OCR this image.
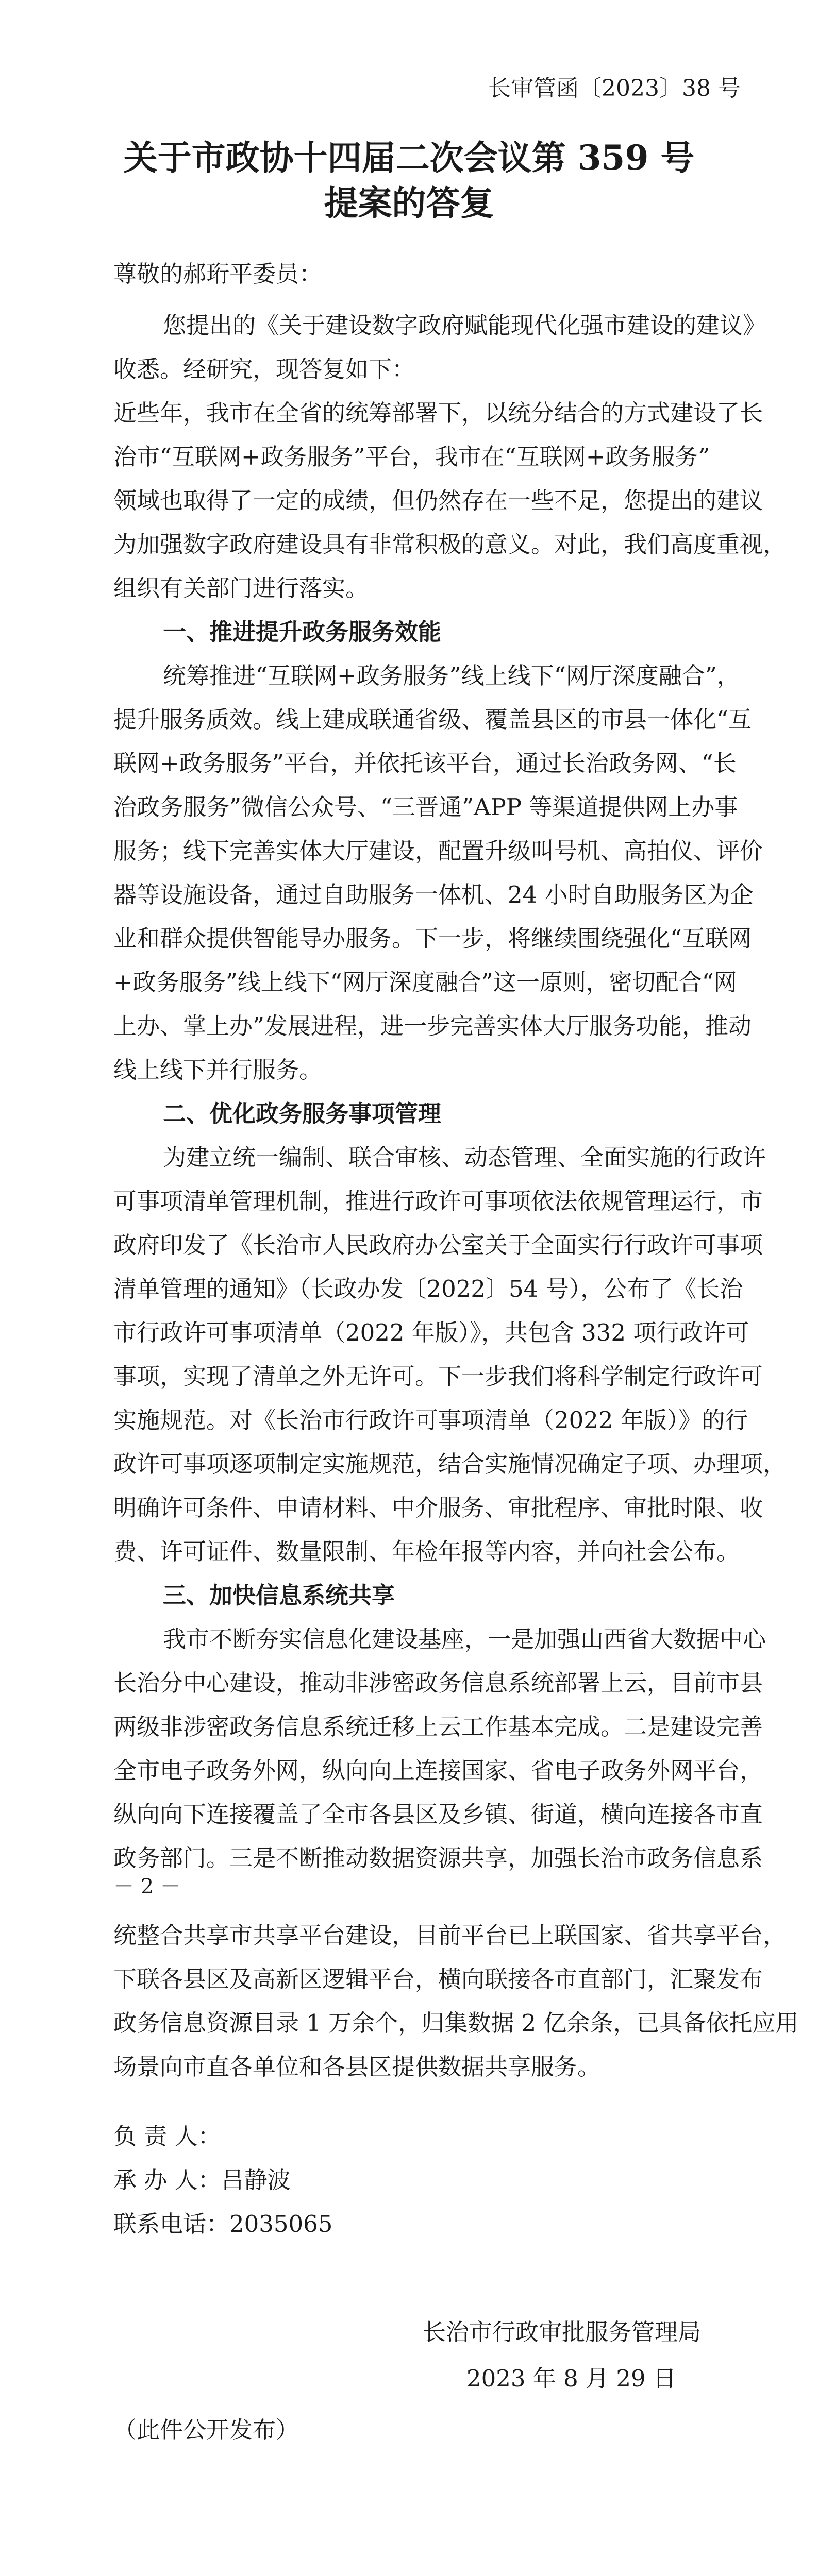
长审管函〔2023〕38 号
关于市政协十四届二次会议第 359 号
提案的答复
尊敬的郝珩平委员：
您提出的《关于建设数字政府赋能现代化强市建设的建议》
收悉。经研究，现答复如下：
近些年，我市在全省的统筹部署下，以统分结合的方式建设了长
治市“互联网+政务服务”平台，我市在“互联网+政务服务”
领域也取得了一定的成绩，但仍然存在一些不足，您提出的建议
为加强数字政府建设具有非常积极的意义。对此，我们高度重视，
组织有关部门进行落实。
一、推进提升政务服务效能
统筹推进“互联网+政务服务”线上线下“网厅深度融合”，
提升服务质效。线上建成联通省级、覆盖县区的市县一体化“互
联网+政务服务”平台，并依托该平台，通过长治政务网、“长
治政务服务”微信公众号、“三晋通”APP 等渠道提供网上办事
服务；线下完善实体大厅建设，配置升级叫号机、高拍仪、评价
器等设施设备，通过自助服务一体机、24 小时自助服务区为企
业和群众提供智能导办服务。下一步，将继续围绕强化“互联网
+政务服务”线上线下“网厅深度融合”这一原则，密切配合“网
上办、掌上办”发展进程，进一步完善实体大厅服务功能，推动
线上线下并行服务。
二、优化政务服务事项管理
为建立统一编制、联合审核、动态管理、全面实施的行政许
可事项清单管理机制，推进行政许可事项依法依规管理运行，市
政府印发了《长治市人民政府办公室关于全面实行行政许可事项
清单管理的通知》（长政办发〔2022〕54 号），公布了《长治
市行政许可事项清单（2022 年版）》，共包含 332 项行政许可
事项，实现了清单之外无许可。下一步我们将科学制定行政许可
实施规范。对《长治市行政许可事项清单（2022 年版）》的行
政许可事项逐项制定实施规范，结合实施情况确定子项、办理项，
明确许可条件、申请材料、中介服务、审批程序、审批时限、收
费、许可证件、数量限制、年检年报等内容，并向社会公布。
三、加快信息系统共享
我市不断夯实信息化建设基座，一是加强山西省大数据中心
长治分中心建设，推动非涉密政务信息系统部署上云，目前市县
两级非涉密政务信息系统迁移上云工作基本完成。二是建设完善
全市电子政务外网，纵向向上连接国家、省电子政务外网平台，
纵向向下连接覆盖了全市各县区及乡镇、街道，横向连接各市直
政务部门。三是不断推动数据资源共享，加强长治市政务信息系
－ 2 －
统整合共享市共享平台建设，目前平台已上联国家、省共享平台，
下联各县区及高新区逻辑平台，横向联接各市直部门，汇聚发布
政务信息资源目录 1 万余个，归集数据 2 亿余条，已具备依托应用
场景向市直各单位和各县区提供数据共享服务。
负 责 人：
承 办 人：吕静波
联系电话：2035065
长治市行政审批服务管理局
2023 年 8 月 29 日
（此件公开发布）
